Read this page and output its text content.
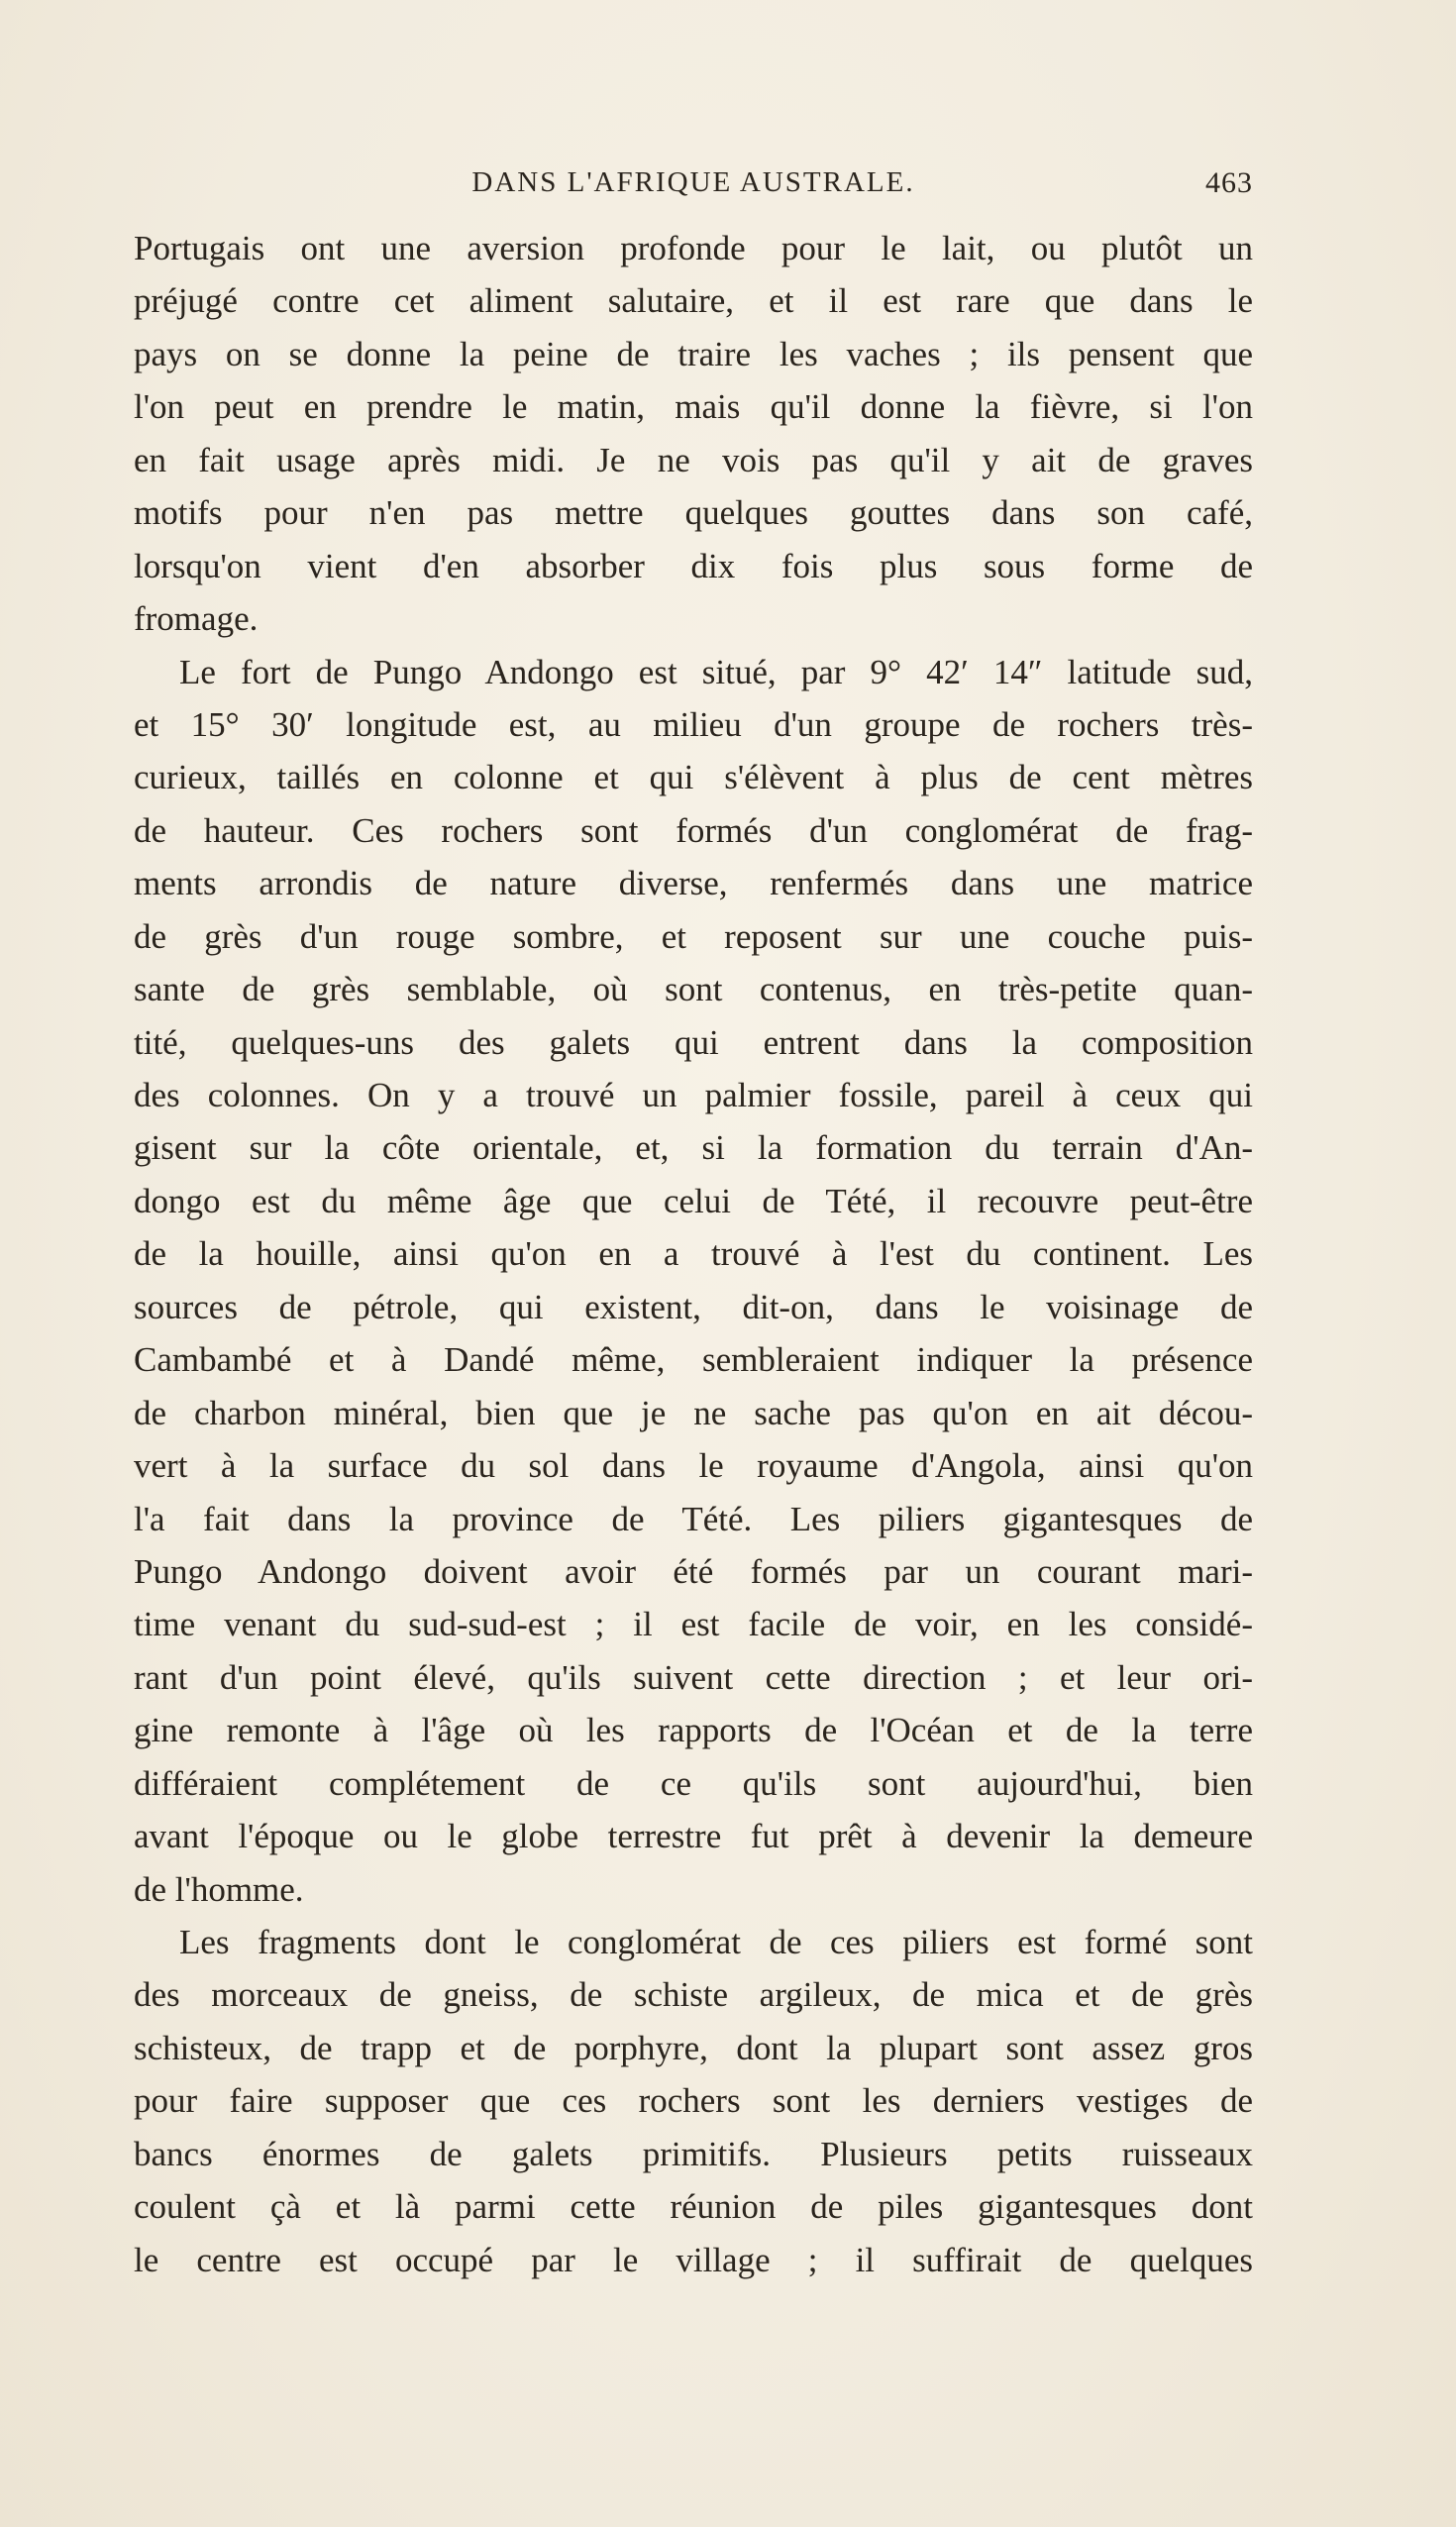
DANS L'AFRIQUE AUSTRALE.	463
Portugais ont une aversion profonde pour le lait, ou plutôt un
préjugé contre cet aliment salutaire, et il est rare que dans le
pays on se donne la peine de traire les vaches ; ils pensent que
l'on peut en prendre le matin, mais qu'il donne la fièvre, si l'on
en fait usage après midi. Je ne vois pas qu'il y ait de graves
motifs pour n'en pas mettre quelques gouttes dans son café,
lorsqu'on vient d'en absorber dix fois plus sous forme de
fromage.
Le fort de Pungo Andongo est situé, par 9° 42′ 14″ latitude sud,
et 15° 30′ longitude est, au milieu d'un groupe de rochers très-
curieux, taillés en colonne et qui s'élèvent à plus de cent mètres
de hauteur. Ces rochers sont formés d'un conglomérat de frag-
ments arrondis de nature diverse, renfermés dans une matrice
de grès d'un rouge sombre, et reposent sur une couche puis-
sante de grès semblable, où sont contenus, en très-petite quan-
tité, quelques-uns des galets qui entrent dans la composition
des colonnes. On y a trouvé un palmier fossile, pareil à ceux qui
gisent sur la côte orientale, et, si la formation du terrain d'An-
dongo est du même âge que celui de Tété, il recouvre peut-être
de la houille, ainsi qu'on en a trouvé à l'est du continent. Les
sources de pétrole, qui existent, dit-on, dans le voisinage de
Cambambé et à Dandé même, sembleraient indiquer la présence
de charbon minéral, bien que je ne sache pas qu'on en ait décou-
vert à la surface du sol dans le royaume d'Angola, ainsi qu'on
l'a fait dans la province de Tété. Les piliers gigantesques de
Pungo Andongo doivent avoir été formés par un courant mari-
time venant du sud-sud-est ; il est facile de voir, en les considé-
rant d'un point élevé, qu'ils suivent cette direction ; et leur ori-
gine remonte à l'âge où les rapports de l'Océan et de la terre
différaient complétement de ce qu'ils sont aujourd'hui, bien
avant l'époque ou le globe terrestre fut prêt à devenir la demeure
de l'homme.
Les fragments dont le conglomérat de ces piliers est formé sont
des morceaux de gneiss, de schiste argileux, de mica et de grès
schisteux, de trapp et de porphyre, dont la plupart sont assez gros
pour faire supposer que ces rochers sont les derniers vestiges de
bancs énormes de galets primitifs. Plusieurs petits ruisseaux
coulent çà et là parmi cette réunion de piles gigantesques dont
le centre est occupé par le village ; il suffirait de quelques
